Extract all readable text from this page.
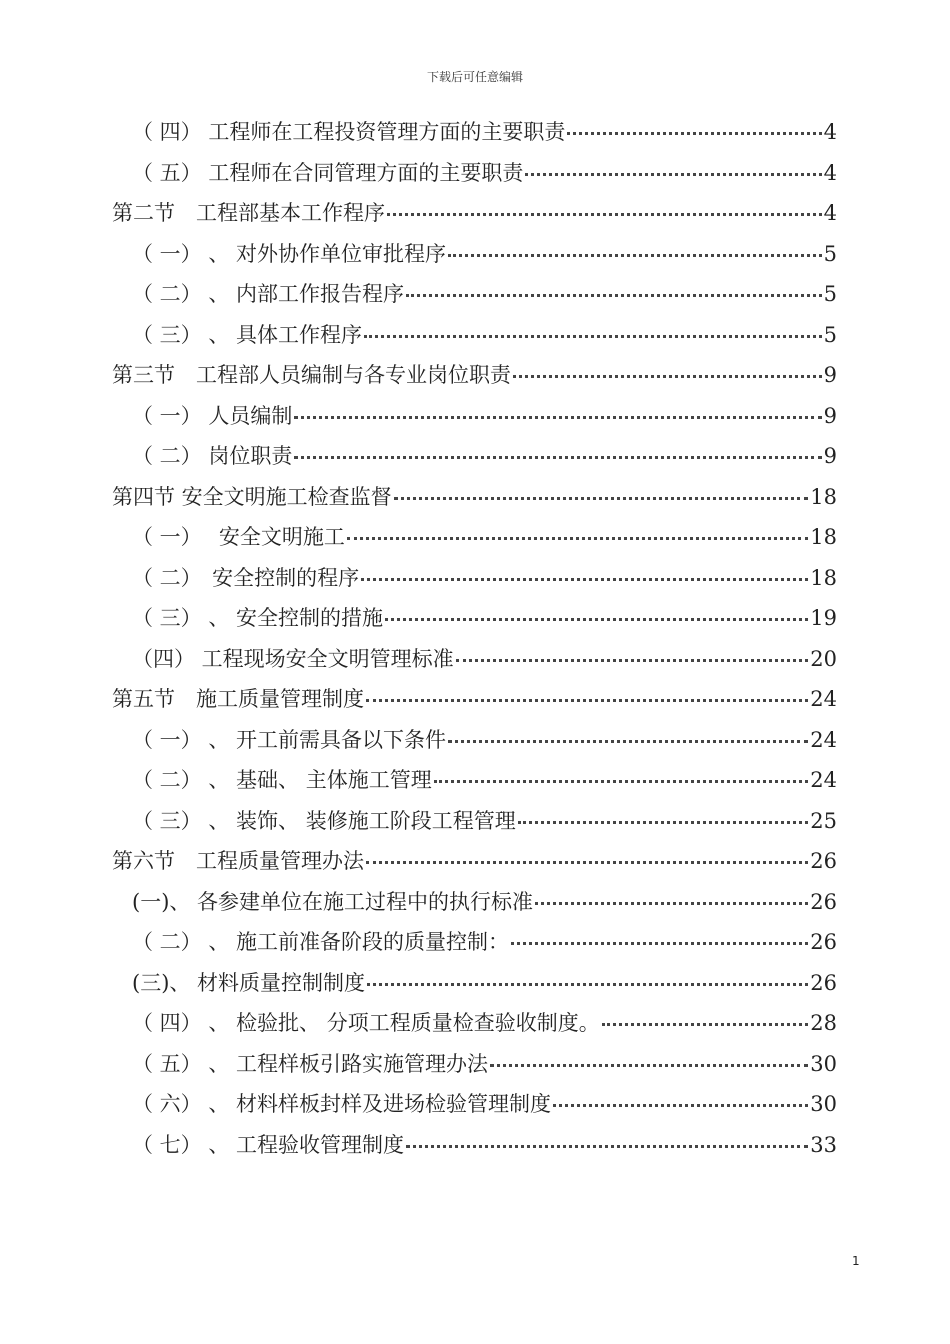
下载后可任意编辑
（ 四） 工程师在工程投资管理方面的主要职责	4
（ 五） 工程师在合同管理方面的主要职责	4
第二节　工程部基本工作程序	4
（ 一） 、 对外协作单位审批程序	5
（ 二） 、 内部工作报告程序	5
（ 三） 、 具体工作程序	5
第三节　工程部人员编制与各专业岗位职责	9
（ 一） 人员编制	9
（ 二） 岗位职责	9
第四节 安全文明施工检查监督	18
（ 一）　 安全文明施工	18
（ 二）　安全控制的程序	18
（ 三） 、 安全控制的措施	19
（四） 工程现场安全文明管理标准	20
第五节　施工质量管理制度	24
（ 一） 、 开工前需具备以下条件	24
（ 二） 、 基础、 主体施工管理	24
（ 三） 、 装饰、 装修施工阶段工程管理	25
第六节　工程质量管理办法	26
(一)、 各参建单位在施工过程中的执行标准	26
（ 二） 、 施工前准备阶段的质量控制：	26
(三)、 材料质量控制制度	26
（ 四） 、 检验批、 分项工程质量检查验收制度。	28
（ 五） 、 工程样板引路实施管理办法	30
（ 六） 、 材料样板封样及进场检验管理制度	30
（ 七） 、 工程验收管理制度	33
1
